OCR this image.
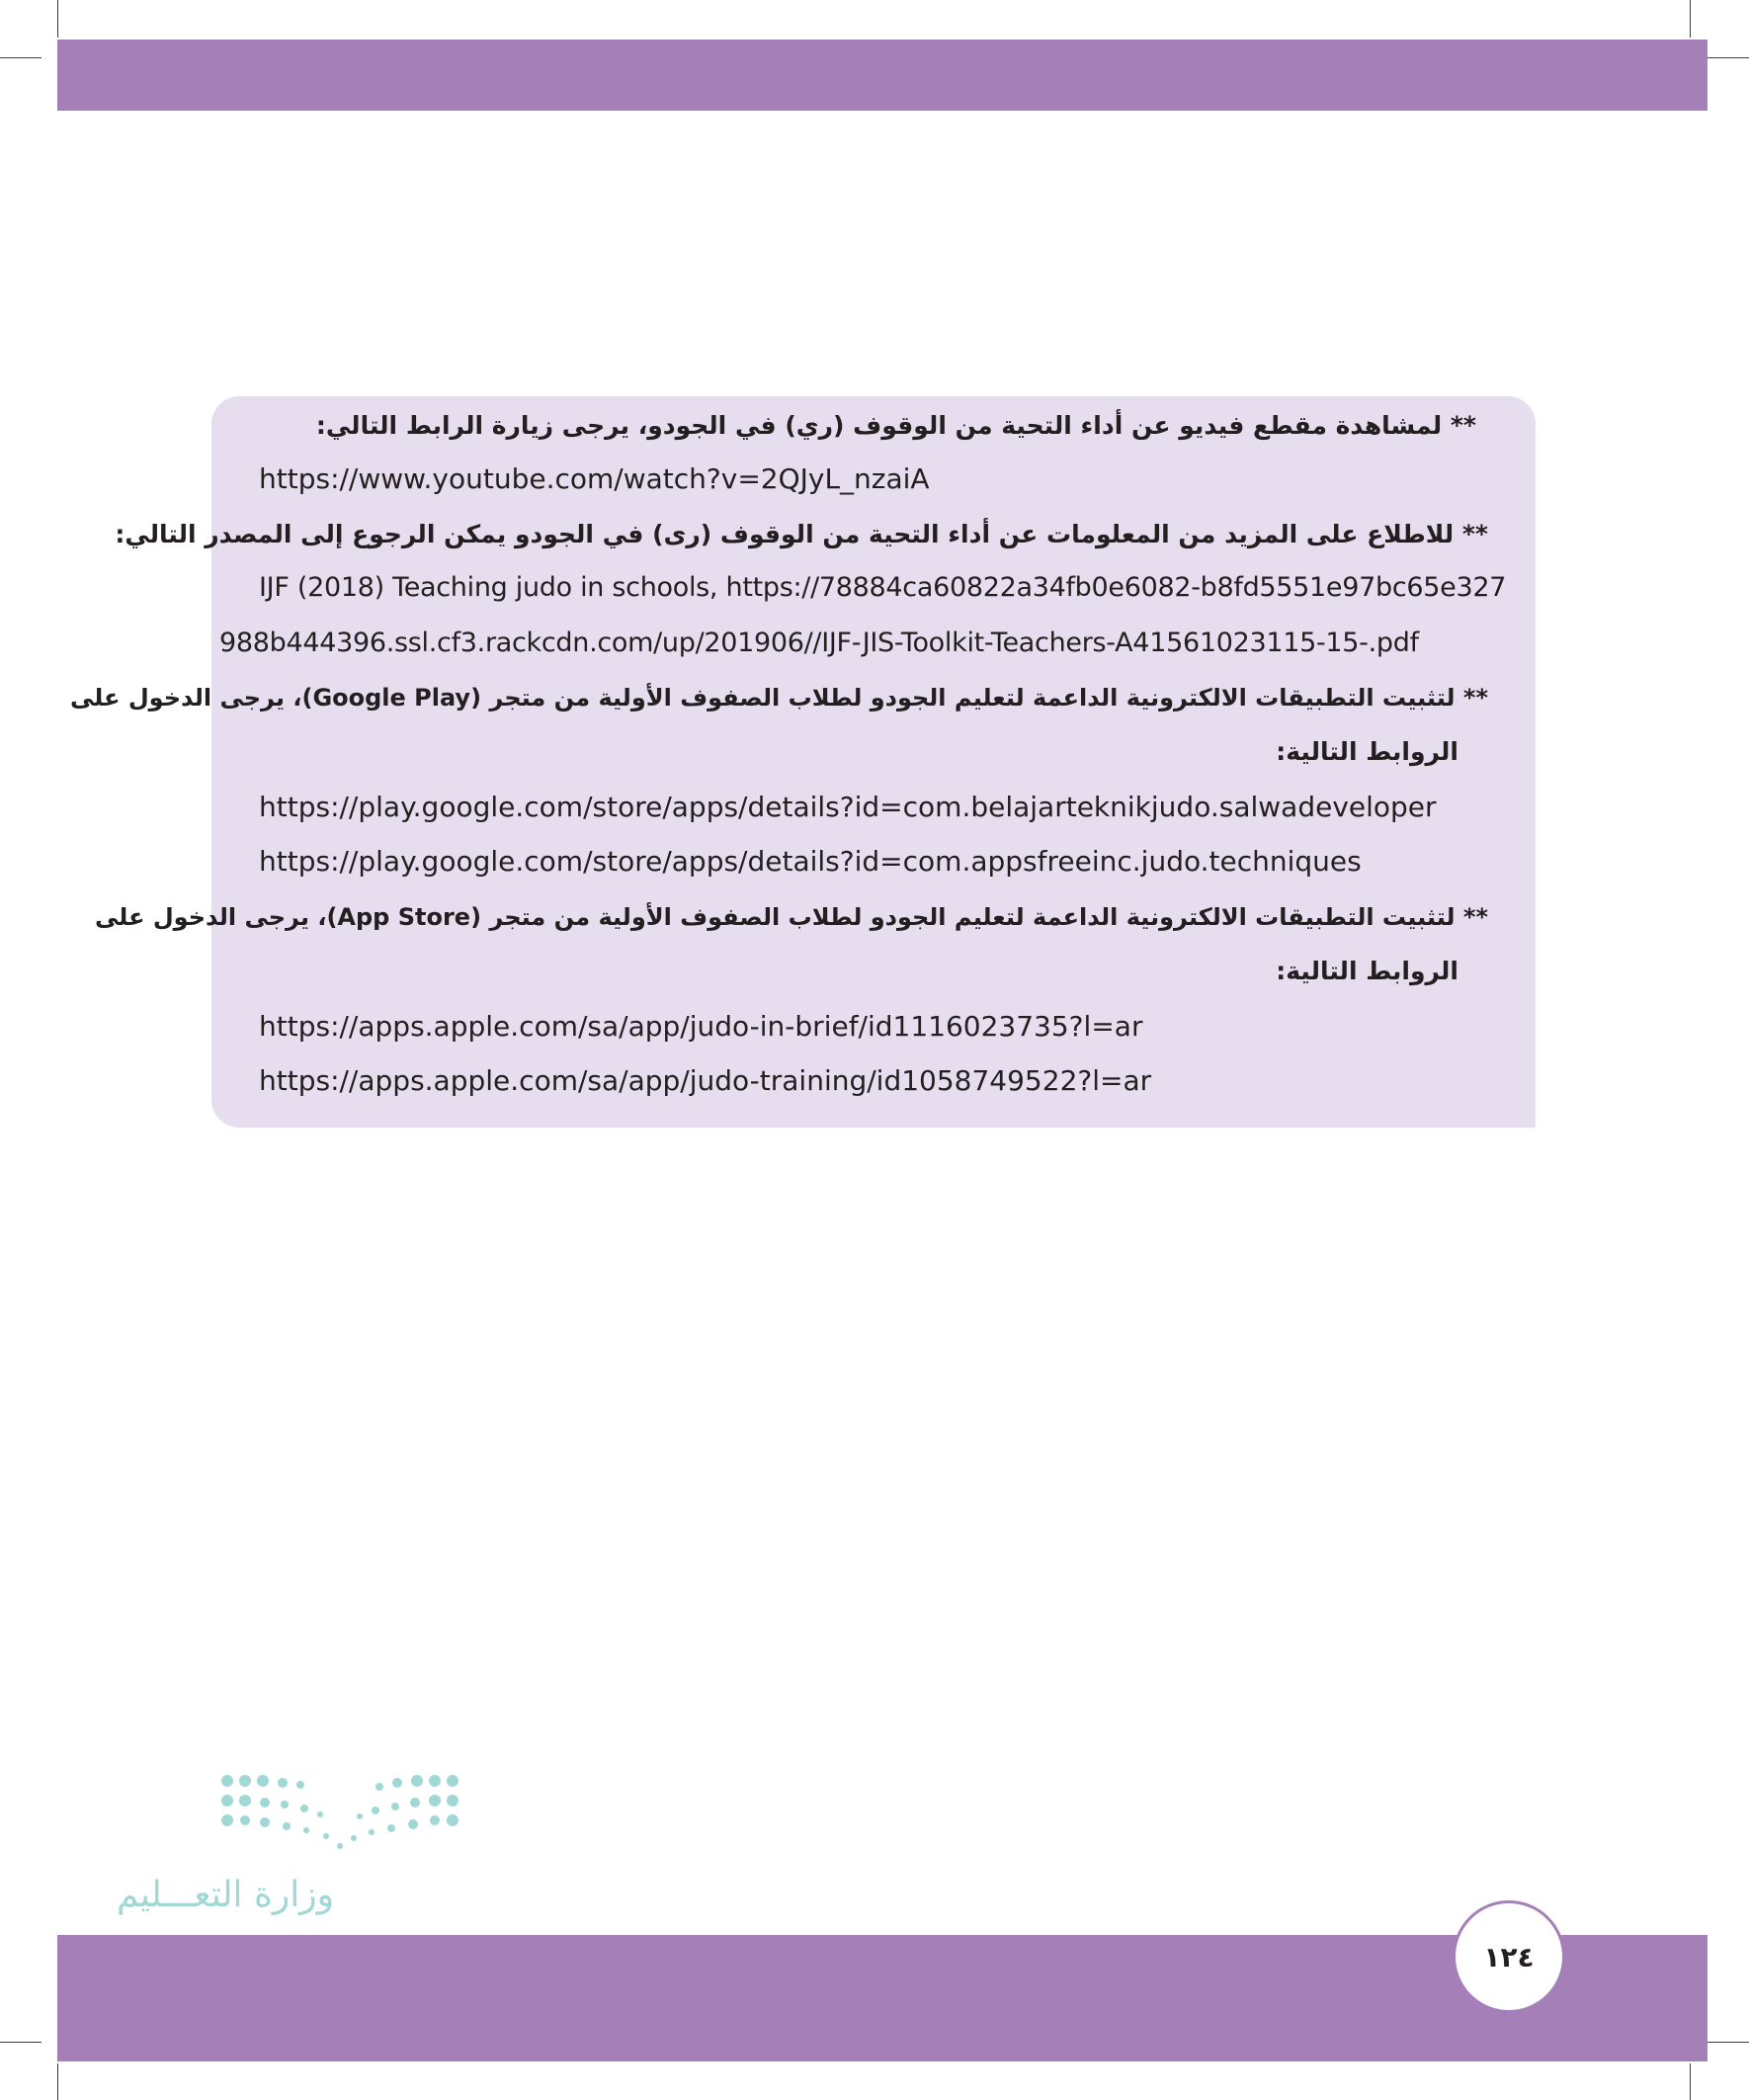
** لمشاهدة مقطع فيديو عن أداء التحية من الوقوف (ري) في الجودو، يرجى زيارة الرابط التالي:
https://www.youtube.com/watch?v=2QJyL_nzaiA
** للاطلاع على المزيد من المعلومات عن أداء التحية من الوقوف (رى) في الجودو يمكن الرجوع إلى المصدر التالي:
IJF (2018) Teaching judo in schools, https://78884ca60822a34fb0e6082-b8fd5551e97bc65e327
988b444396.ssl.cf3.rackcdn.com/up/201906//IJF-JIS-Toolkit-Teachers-A41561023115-15-.pdf
** لتثبيت التطبيقات الالكترونية الداعمة لتعليم الجودو لطلاب الصفوف الأولية من متجر (Google Play)، يرجى الدخول على
الروابط التالية:
https://play.google.com/store/apps/details?id=com.belajarteknikjudo.salwadeveloper
https://play.google.com/store/apps/details?id=com.appsfreeinc.judo.techniques
** لتثبيت التطبيقات الالكترونية الداعمة لتعليم الجودو لطلاب الصفوف الأولية من متجر (App Store)، يرجى الدخول على
الروابط التالية:
https://apps.apple.com/sa/app/judo-in-brief/id1116023735?l=ar
https://apps.apple.com/sa/app/judo-training/id1058749522?l=ar
وزارة التعـــليم
١٢٤
